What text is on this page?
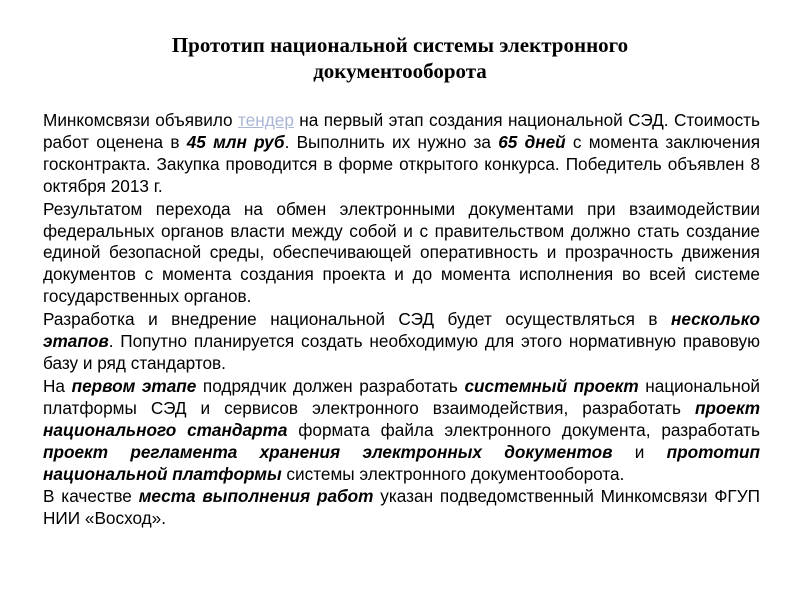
Прототип национальной системы электронного документооборота

Минкомсвязи объявило тендер на первый этап создания национальной СЭД. Стоимость работ оценена в 45 млн руб. Выполнить их нужно за 65 дней с момента заключения госконтракта. Закупка проводится в форме открытого конкурса. Победитель объявлен 8 октября 2013 г.

Результатом перехода на обмен электронными документами при взаимодействии федеральных органов власти между собой и с правительством должно стать создание единой безопасной среды, обеспечивающей оперативность и прозрачность движения документов с момента создания проекта и до момента исполнения во всей системе государственных органов.

Разработка и внедрение национальной СЭД будет осуществляться в несколько этапов. Попутно планируется создать необходимую для этого нормативную правовую базу и ряд стандартов.

На первом этапе подрядчик должен разработать системный проект национальной платформы СЭД и сервисов электронного взаимодействия, разработать проект национального стандарта формата файла электронного документа, разработать проект регламента хранения электронных документов и прототип национальной платформы системы электронного документооборота.

В качестве места выполнения работ указан подведомственный Минкомсвязи ФГУП НИИ «Восход».
